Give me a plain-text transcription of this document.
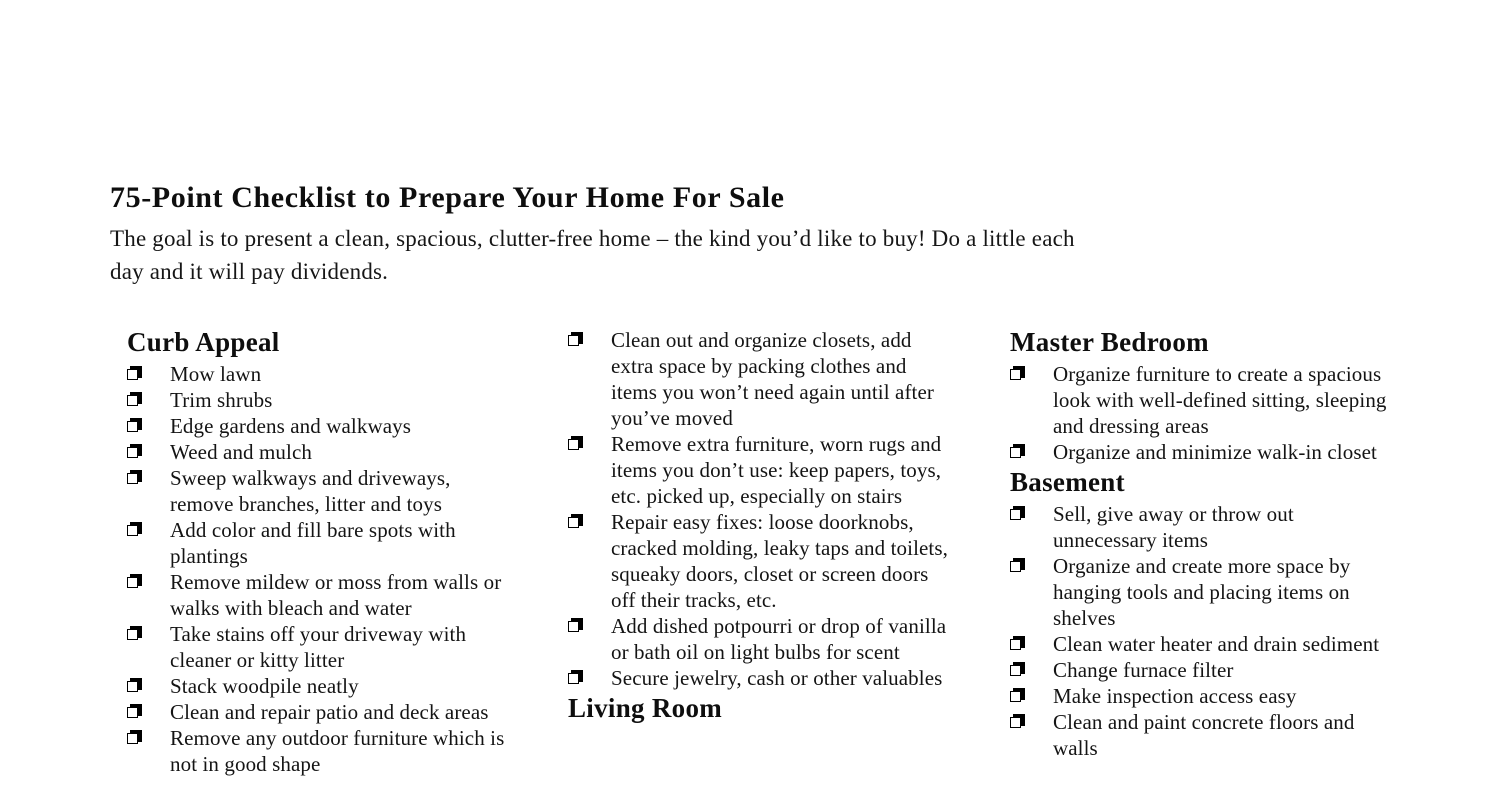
75-Point Checklist to Prepare Your Home For Sale
The goal is to present a clean, spacious, clutter-free home – the kind you’d like to buy! Do a little each
day and it will pay dividends.
Curb Appeal
Mow lawn
Trim shrubs
Edge gardens and walkways
Weed and mulch
Sweep walkways and driveways, remove branches, litter and toys
Add color and fill bare spots with plantings
Remove mildew or moss from walls or walks with bleach and water
Take stains off your driveway with cleaner or kitty litter
Stack woodpile neatly
Clean and repair patio and deck areas
Remove any outdoor furniture which is not in good shape
Clean out and organize closets, add extra space by packing clothes and items you won’t need again until after you’ve moved
Remove extra furniture, worn rugs and items you don’t use: keep papers, toys, etc. picked up, especially on stairs
Repair easy fixes: loose doorknobs, cracked molding, leaky taps and toilets, squeaky doors, closet or screen doors off their tracks, etc.
Add dished potpourri or drop of vanilla or bath oil on light bulbs for scent
Secure jewelry, cash or other valuables
Living Room
Master Bedroom
Organize furniture to create a spacious look with well-defined sitting, sleeping and dressing areas
Organize and minimize walk-in closet
Basement
Sell, give away or throw out unnecessary items
Organize and create more space by hanging tools and placing items on shelves
Clean water heater and drain sediment
Change furnace filter
Make inspection access easy
Clean and paint concrete floors and walls
